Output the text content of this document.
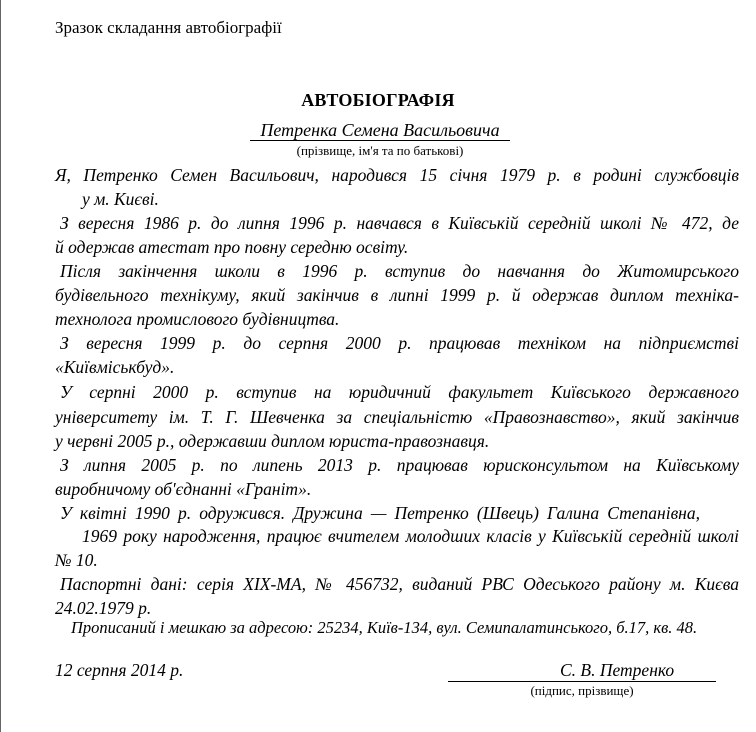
Зразок складання автобіографії
АВТОБІОГРАФІЯ
Петренка Семена Васильовича
(прізвище, ім'я та по батькові)
Я, Петренко Семен Васильович, народився 15 січня 1979 р. в родині службовців
у м. Києві.
З вересня 1986 р. до липня 1996 р. навчався в Київській середній школі № 472, де
й одержав атестат про повну середню освіту.
Після закінчення школи в 1996 р. вступив до навчання до Житомирського
будівельного технікуму, який закінчив в липні 1999 р. й одержав диплом техніка-
технолога промислового будівництва.
З вересня 1999 р. до серпня 2000 р. працював техніком на підприємстві
«Київміськбуд».
У серпні 2000 р. вступив на юридичний факультет Київського державного
університету ім. Т. Г. Шевченка за спеціальністю «Правознавство», який закінчив
у червні 2005 р., одержавши диплом юриста-правознавця.
З липня 2005 р. по липень 2013 р. працював юрисконсультом на Київському
виробничому об'єднанні «Граніт».
У квітні 1990 р. одружився. Дружина — Петренко (Швець) Галина Степанівна,
1969 року народження, працює вчителем молодших класів у Київській середній школі
№ 10.
Паспортні дані: серія ХІХ-МА, № 456732, виданий РВС Одеського району м. Києва
24.02.1979 р.
Прописаний і мешкаю за адресою: 25234, Київ-134, вул. Семипалатинського, б.17, кв. 48.
12 серпня 2014 р.	С. В. Петренко
(підпис, прізвище)
